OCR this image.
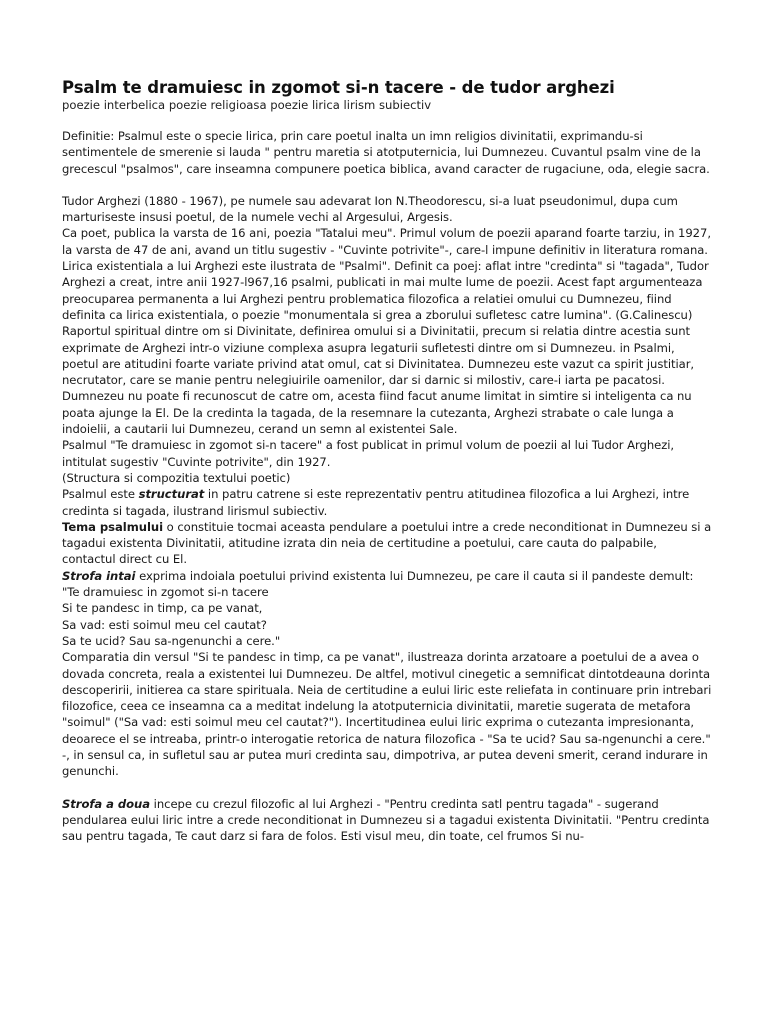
Psalm te dramuiesc in zgomot si-n tacere - de tudor arghezi
poezie interbelica poezie religioasa poezie lirica lirism subiectiv

Definitie: Psalmul este o specie lirica, prin care poetul inalta un imn religios divinitatii, exprimandu-si sentimentele de smerenie si lauda " pentru maretia si atotputernicia, lui Dumnezeu. Cuvantul psalm vine de la grecescul "psalmos", care inseamna compunere poetica biblica, avand caracter de rugaciune, oda, elegie sacra.

Tudor Arghezi (1880 - 1967), pe numele sau adevarat Ion N.Theodorescu, si-a luat pseudonimul, dupa cum marturiseste insusi poetul, de la numele vechi al Argesului, Argesis.

Ca poet, publica la varsta de 16 ani, poezia "Tatalui meu". Primul volum de poezii aparand foarte tarziu, in 1927, la varsta de 47 de ani, avand un titlu sugestiv - "Cuvinte potrivite"-, care-l impune definitiv in literatura romana.

Lirica existentiala a lui Arghezi este ilustrata de "Psalmi". Definit ca poej: aflat intre "credinta" si "tagada", Tudor Arghezi a creat, intre anii 1927-l967,16 psalmi, publicati in mai multe lume de poezii. Acest fapt argumenteaza preocuparea permanenta a lui Arghezi pentru problematica filozofica a relatiei omului cu Dumnezeu, fiind definita ca lirica existentiala, o poezie "monumentala si grea a zborului sufletesc catre lumina". (G.Calinescu)

Raportul spiritual dintre om si Divinitate, definirea omului si a Divinitatii, precum si relatia dintre acestia sunt exprimate de Arghezi intr-o viziune complexa asupra legaturii sufletesti dintre om si Dumnezeu. in Psalmi, poetul are atitudini foarte variate privind atat omul, cat si Divinitatea. Dumnezeu este vazut ca spirit justitiar, necrutator, care se manie pentru nelegiuirile oamenilor, dar si darnic si milostiv, care-i iarta pe pacatosi. Dumnezeu nu poate fi recunoscut de catre om, acesta fiind facut anume limitat in simtire si inteligenta ca nu poata ajunge la El. De la credinta la tagada, de la resemnare la cutezanta, Arghezi strabate o cale lunga a indoielii, a cautarii lui Dumnezeu, cerand un semn al existentei Sale.

Psalmul "Te dramuiesc in zgomot si-n tacere" a fost publicat in primul volum de poezii al lui Tudor Arghezi, intitulat sugestiv "Cuvinte potrivite", din 1927.

(Structura si compozitia textului poetic)

Psalmul este structurat in patru catrene si este reprezentativ pentru atitudinea filozofica a lui Arghezi, intre credinta si tagada, ilustrand lirismul subiectiv.

Tema psalmului o constituie tocmai aceasta pendulare a poetului intre a crede neconditionat in Dumnezeu si a tagadui existenta Divinitatii, atitudine izrata din neia de certitudine a poetului, care cauta do palpabile, contactul direct cu El.

Strofa intai exprima indoiala poetului privind existenta lui Dumnezeu, pe care il cauta si il pandeste demult:

"Te dramuiesc in zgomot si-n tacere
Si te pandesc in timp, ca pe vanat,
Sa vad: esti soimul meu cel cautat?
Sa te ucid? Sau sa-ngenunchi a cere."

Comparatia din versul "Si te pandesc in timp, ca pe vanat", ilustreaza dorinta arzatoare a poetului de a avea o dovada concreta, reala a existentei lui Dumnezeu. De altfel, motivul cinegetic a semnificat dintotdeauna dorinta descoperirii, initierea ca stare spirituala. Neia de certitudine a eului liric este reliefata in continuare prin intrebari filozofice, ceea ce inseamna ca a meditat indelung la atotputernicia divinitatii, maretie sugerata de metafora "soimul" ("Sa vad: esti soimul meu cel cautat?"). Incertitudinea eului liric exprima o cutezanta impresionanta, deoarece el se intreaba, printr-o interogatie retorica de natura filozofica - "Sa te ucid? Sau sa-ngenunchi a cere." -, in sensul ca, in sufletul sau ar putea muri credinta sau, dimpotriva, ar putea deveni smerit, cerand indurare in genunchi.

Strofa a doua incepe cu crezul filozofic al lui Arghezi - "Pentru credinta satl pentru tagada" - sugerand pendularea eului liric intre a crede neconditionat in Dumnezeu si a tagadui existenta Divinitatii. "Pentru credinta sau pentru tagada, Te caut darz si fara de folos. Esti visul meu, din toate, cel frumos Si nu-
